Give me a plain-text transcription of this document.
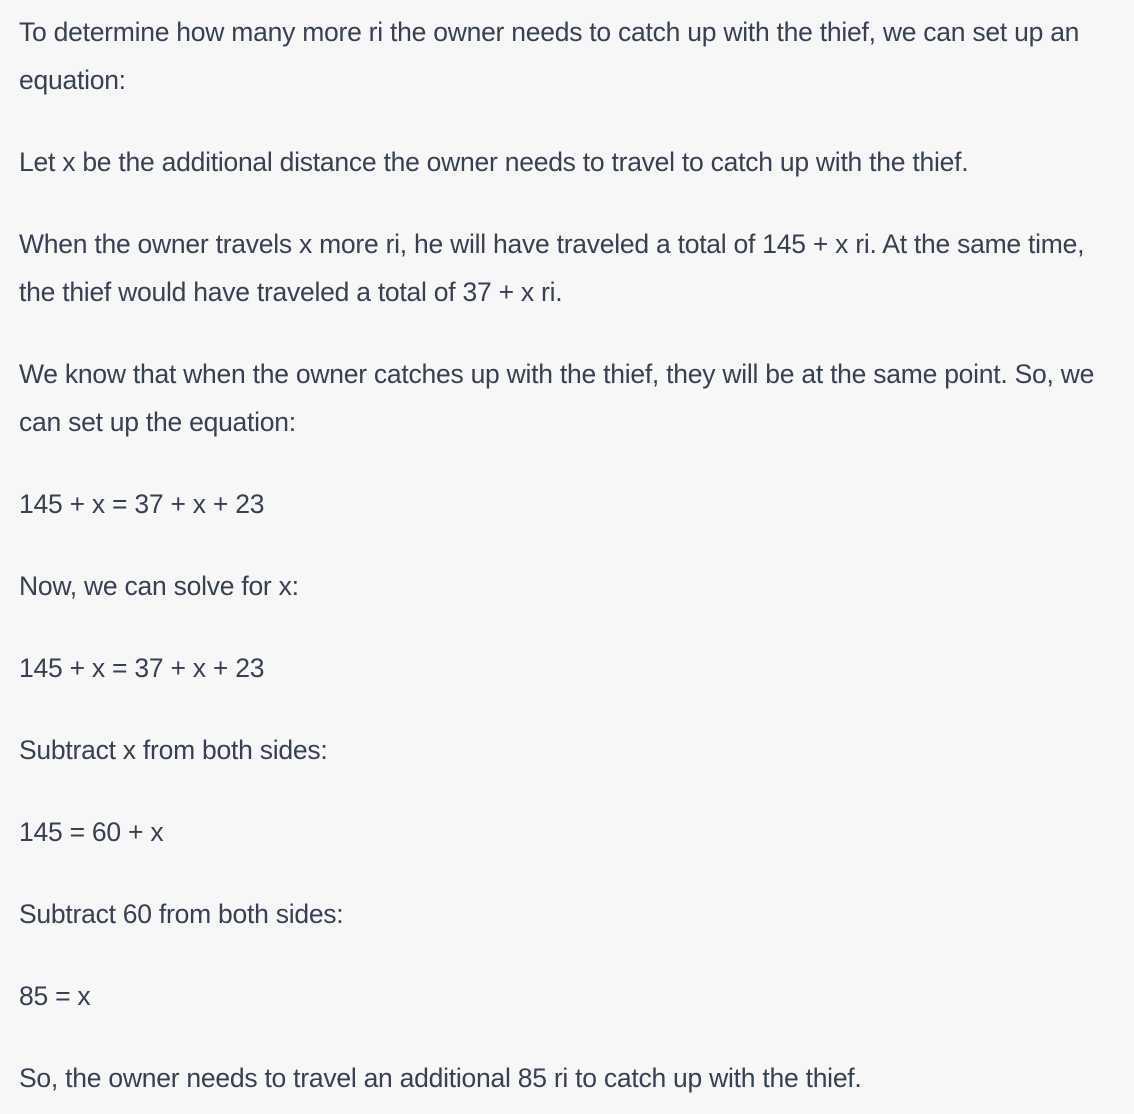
To determine how many more ri the owner needs to catch up with the thief, we can set up an equation:

Let x be the additional distance the owner needs to travel to catch up with the thief.

When the owner travels x more ri, he will have traveled a total of 145 + x ri. At the same time, the thief would have traveled a total of 37 + x ri.

We know that when the owner catches up with the thief, they will be at the same point. So, we can set up the equation:

145 + x = 37 + x + 23

Now, we can solve for x:

145 + x = 37 + x + 23

Subtract x from both sides:

145 = 60 + x

Subtract 60 from both sides:

85 = x

So, the owner needs to travel an additional 85 ri to catch up with the thief.
